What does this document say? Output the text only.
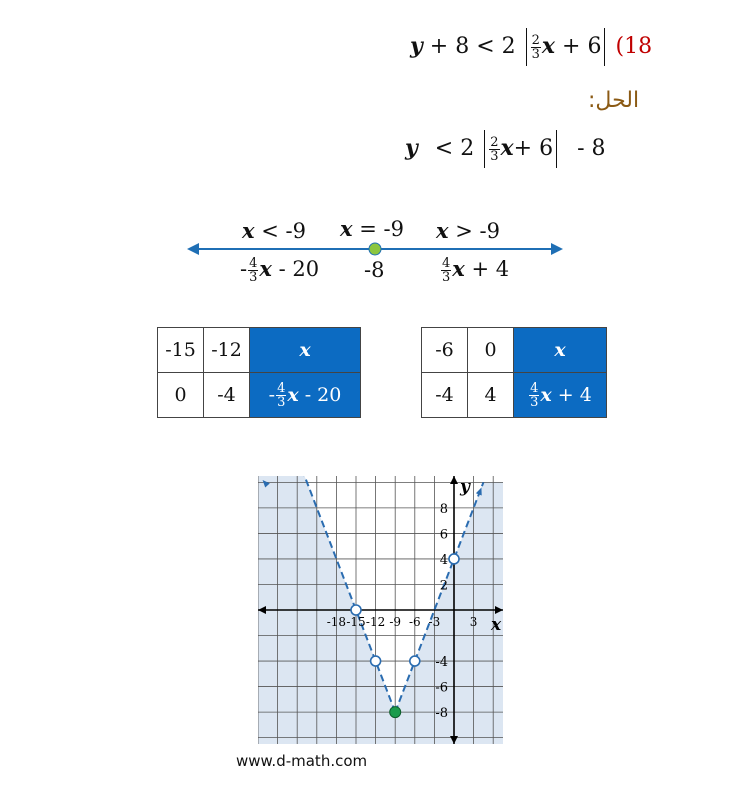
$y + 8 < 2 \frac{2}{3}$ x + 6 (18
الحل:
$y < 2 \frac{2}{3} x+ 6 - 8$
x < -9 x = -9 x > -9
- $\frac{4}{3}$ x - 20 -8	$\frac{4}{3}$ x + 4
-15	-12	x
0	-4	- $\frac{4}{3}$ x - 20
-6	0	x
-4	4	$\frac{4}{3}$ x + 4
-18 -15 -12 -9 -6 -3 3
8
6
4
2
-4
-6
-8
x
y
www.d-math.com
